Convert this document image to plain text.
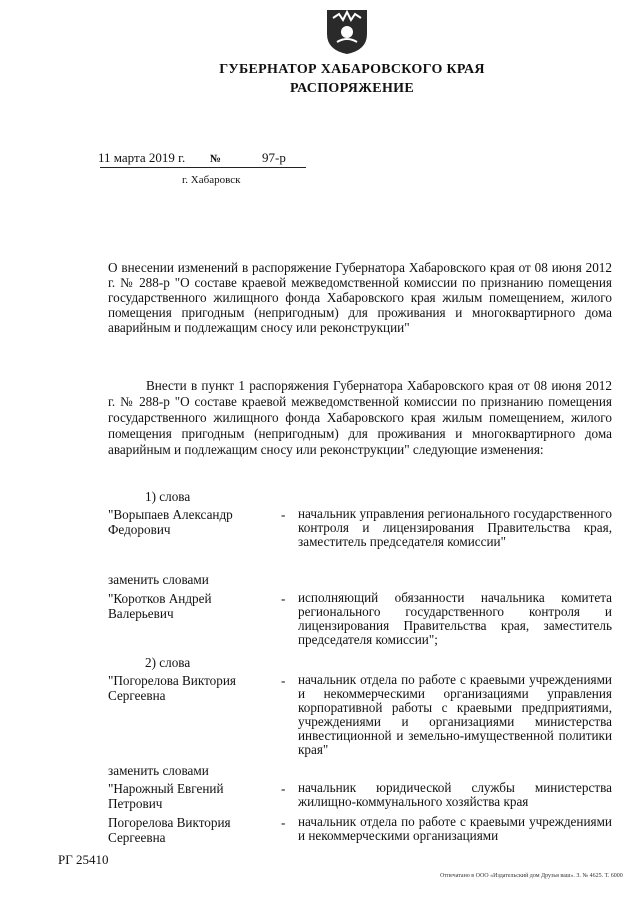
ГУБЕРНАТОР ХАБАРОВСКОГО КРАЯ
РАСПОРЯЖЕНИЕ
11 марта 2019 г. №	97-р
г. Хабаровск
О внесении изменений в распоряжение Губернатора Хабаровского края от 08 июня 2012 г. № 288-р "О составе краевой межведомственной комиссии по признанию помещения государственного жилищного фонда Хабаровского края жилым помещением, жилого помещения пригодным (непригодным) для проживания и многоквартирного дома аварийным и подлежащим сносу или реконструкции"
Внести в пункт 1 распоряжения Губернатора Хабаровского края от 08 июня 2012 г. № 288-р "О составе краевой межведомственной комиссии по признанию помещения государственного жилищного фонда Хабаровского края жилым помещением, жилого помещения пригодным (непригодным) для проживания и многоквартирного дома аварийным и подлежащим сносу или реконструкции" следующие изменения:
1) слова
"Ворыпаев Александр Федорович
- начальник управления регионального государственного контроля и лицензирования Правительства края, заместитель председателя комиссии"
заменить словами
"Коротков Андрей Валерьевич
- исполняющий обязанности начальника комитета регионального государственного контроля и лицензирования Правительства края, заместитель председателя комиссии";
2) слова
"Погорелова Виктория Сергеевна
- начальник отдела по работе с краевыми учреждениями и некоммерческими организациями управления корпоративной работы с краевыми предприятиями, учреждениями и организациями министерства инвестиционной и земельно-имущественной политики края"
заменить словами
"Нарожный Евгений Петрович
- начальник юридической службы министерства жилищно-коммунального хозяйства края
Погорелова Виктория Сергеевна
- начальник отдела по работе с краевыми учреждениями и некоммерческими организациями
РГ 25410
Отпечатано в ООО «Издательский дом Друзья ваш». З. № 4625. Т. 6000
